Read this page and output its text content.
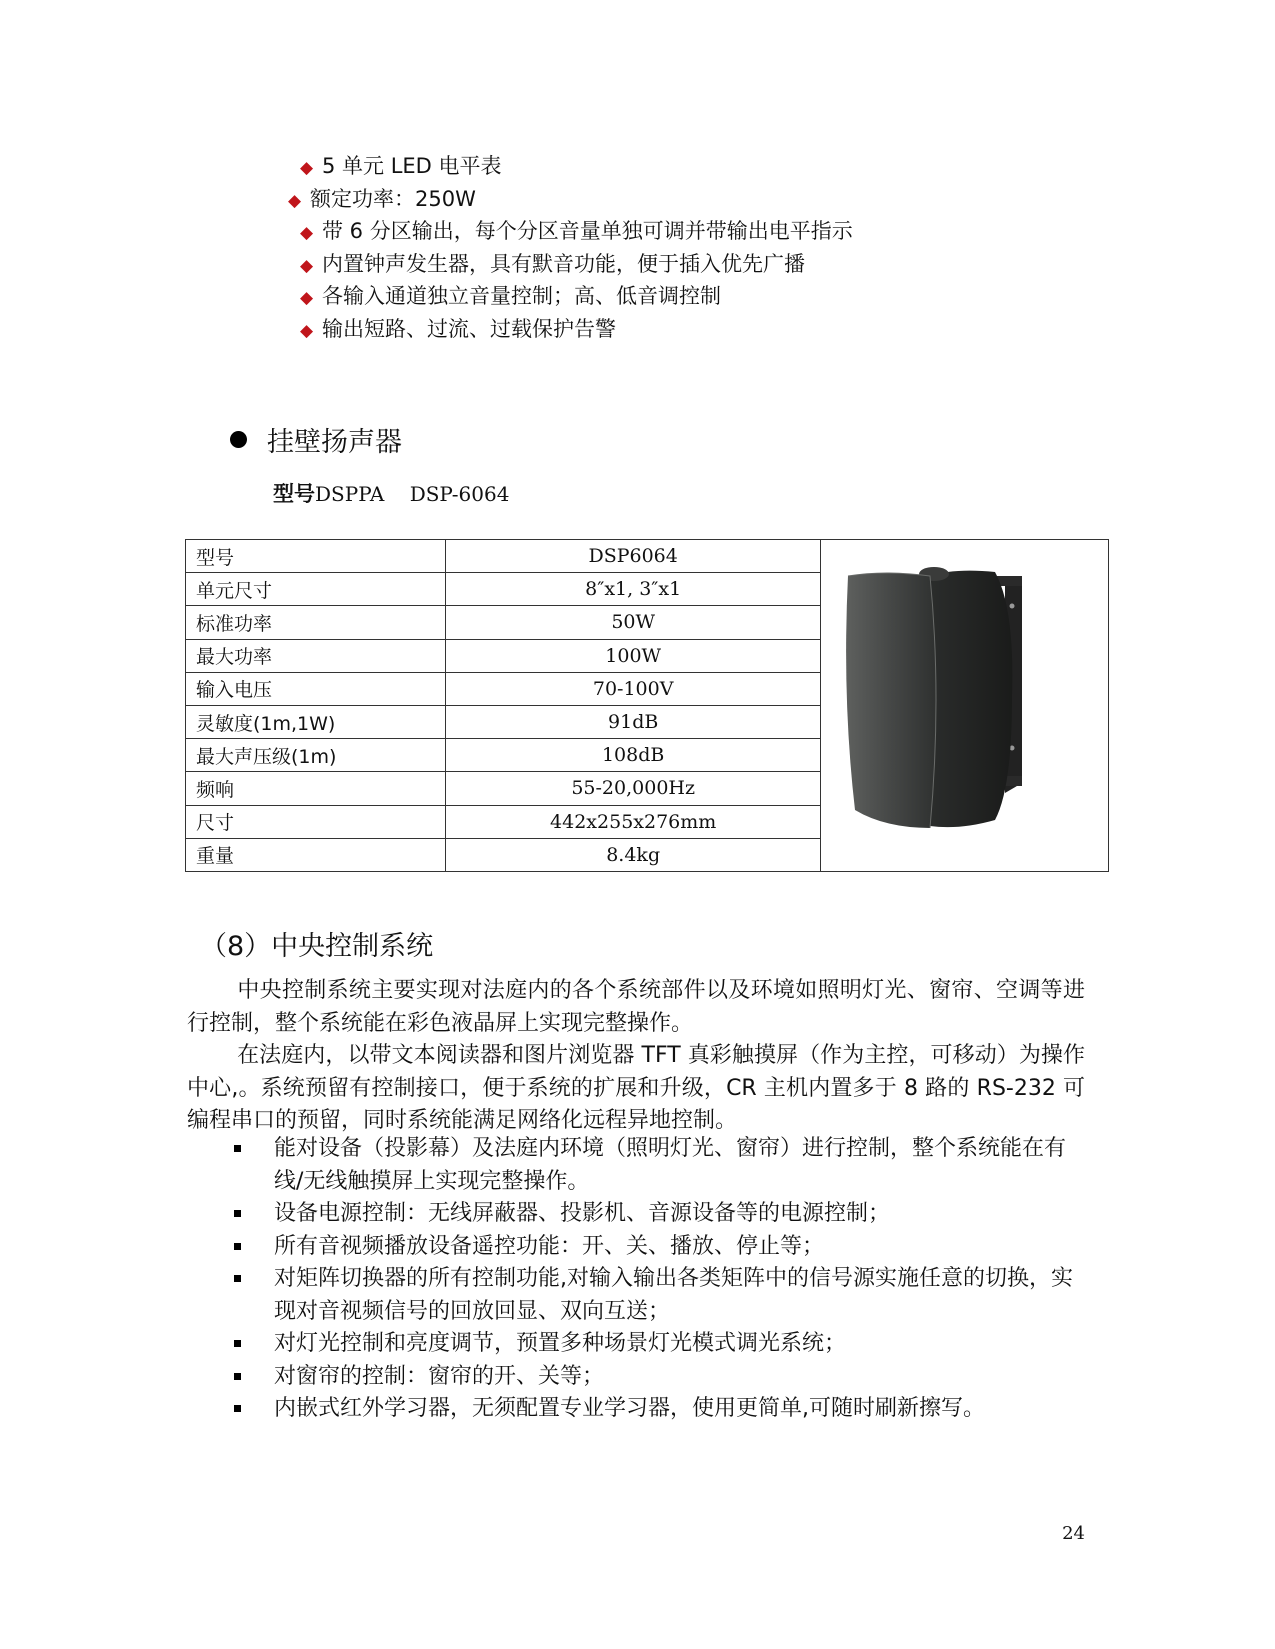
◆ 5 单元 LED 电平表
◆ 额定功率：250W
◆ 带 6 分区输出，每个分区音量单独可调并带输出电平指示
◆ 内置钟声发生器，具有默音功能，便于插入优先广播
◆ 各输入通道独立音量控制；高、低音调控制
◆ 输出短路、过流、过载保护告警
挂壁扬声器
型号DSPPA    DSP-6064
型号	DSP6064	
单元尺寸	8″x1, 3″x1	
标准功率	50W	
最大功率	100W	
输入电压	70-100V	
灵敏度(1m,1W)	91dB	
最大声压级(1m)	108dB	
频响	55-20,000Hz	
尺寸	442x255x276mm	
重量	8.4kg	
（8）中央控制系统

中央控制系统主要实现对法庭内的各个系统部件以及环境如照明灯光、窗帘、空调等进行控制，整个系统能在彩色液晶屏上实现完整操作。

在法庭内，以带文本阅读器和图片浏览器 TFT 真彩触摸屏（作为主控，可移动）为操作中心,。系统预留有控制接口，便于系统的扩展和升级，CR 主机内置多于 8 路的 RS-232 可编程串口的预留，同时系统能满足网络化远程异地控制。

能对设备（投影幕）及法庭内环境（照明灯光、窗帘）进行控制，整个系统能在有线/无线触摸屏上实现完整操作。
设备电源控制：无线屏蔽器、投影机、音源设备等的电源控制；
所有音视频播放设备遥控功能：开、关、播放、停止等；
对矩阵切换器的所有控制功能,对输入输出各类矩阵中的信号源实施任意的切换，实现对音视频信号的回放回显、双向互送；
对灯光控制和亮度调节，预置多种场景灯光模式调光系统；
对窗帘的控制：窗帘的开、关等；
内嵌式红外学习器，无须配置专业学习器，使用更简单,可随时刷新擦写。
24
